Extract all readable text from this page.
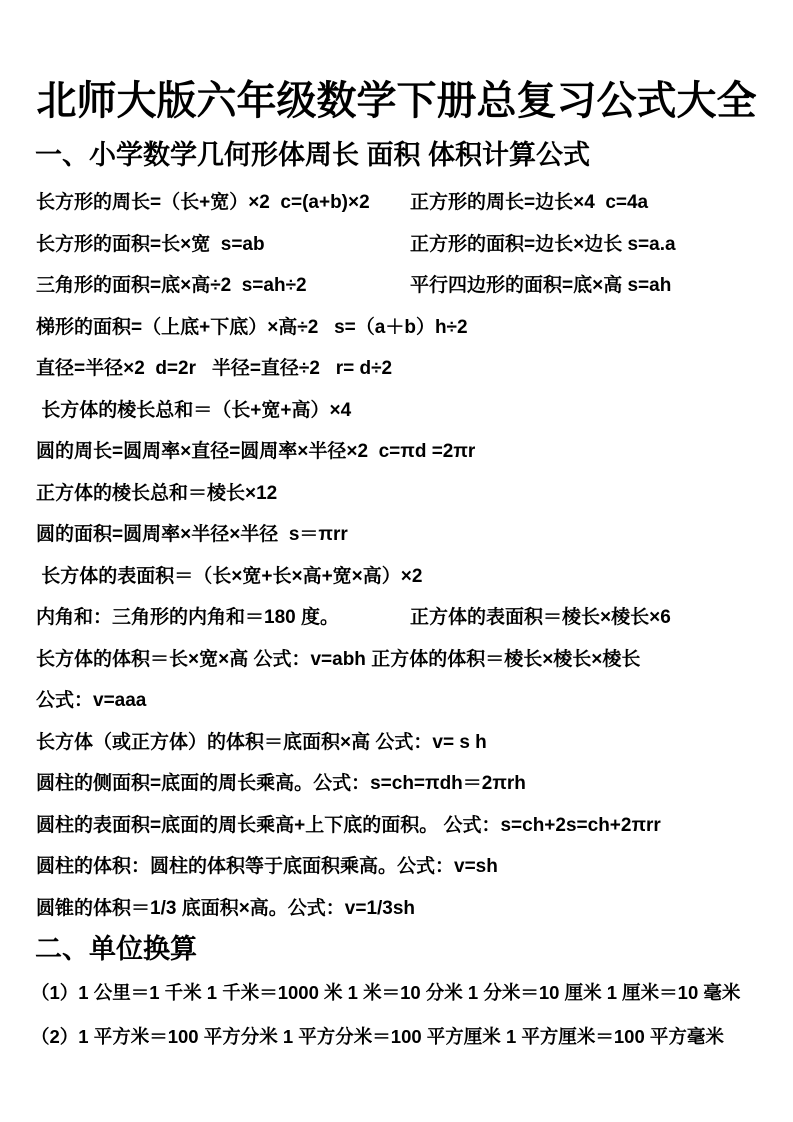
北师大版六年级数学下册总复习公式大全
一、小学数学几何形体周长 面积 体积计算公式
长方形的周长=（长+宽）×2  c=(a+b)×2 正方形的周长=边长×4  c=4a
长方形的面积=长×宽  s=ab	正方形的面积=边长×边长 s=a.a
三角形的面积=底×高÷2  s=ah÷2	平行四边形的面积=底×高 s=ah
梯形的面积=（上底+下底）×高÷2   s=（a＋b）h÷2
直径=半径×2  d=2r   半径=直径÷2   r= d÷2
长方体的棱长总和＝（长+宽+高）×4
圆的周长=圆周率×直径=圆周率×半径×2  c=πd =2πr
正方体的棱长总和＝棱长×12
圆的面积=圆周率×半径×半径  s＝πrr
长方体的表面积＝（长×宽+长×高+宽×高）×2
内角和：三角形的内角和＝180 度。	正方体的表面积＝棱长×棱长×6
长方体的体积＝长×宽×高 公式：v=abh 正方体的体积＝棱长×棱长×棱长
公式：v=aaa
长方体（或正方体）的体积＝底面积×高 公式：v= s h
圆柱的侧面积=底面的周长乘高。公式：s=ch=πdh＝2πrh
圆柱的表面积=底面的周长乘高+上下底的面积。 公式：s=ch+2s=ch+2πrr
圆柱的体积：圆柱的体积等于底面积乘高。公式：v=sh
圆锥的体积＝1/3 底面积×高。公式：v=1/3sh
二、单位换算
（1）1 公里＝1 千米 1 千米＝1000 米 1 米＝10 分米 1 分米＝10 厘米 1 厘米＝10 毫米
（2）1 平方米＝100 平方分米 1 平方分米＝100 平方厘米 1 平方厘米＝100 平方毫米
